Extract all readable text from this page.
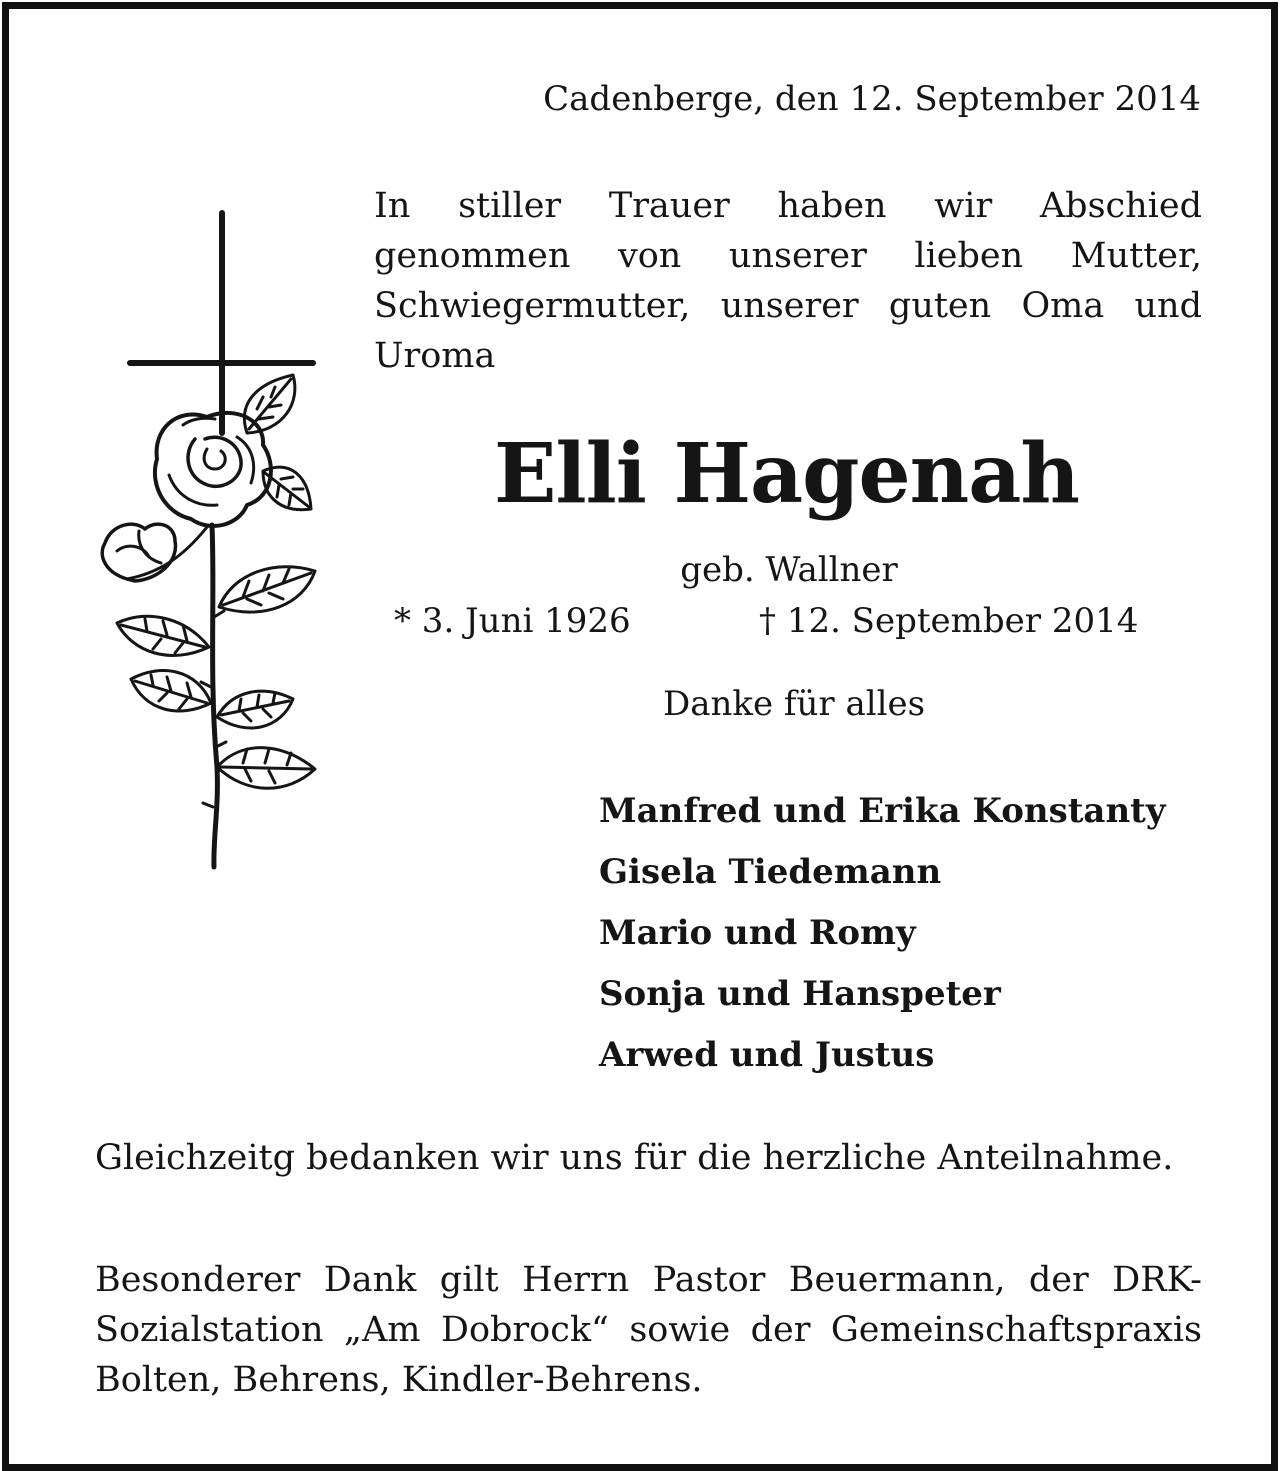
Cadenberge, den 12. September 2014

In stiller Trauer haben wir Abschied genommen von unserer lieben Mutter, Schwiegermutter, unserer guten Oma und Uroma

Elli Hagenah

geb. Wallner

* 3. Juni 1926	† 12. September 2014

Danke für alles

Manfred und Erika Konstanty
Gisela Tiedemann
Mario und Romy
Sonja und Hanspeter
Arwed und Justus

Gleichzeitg bedanken wir uns für die herzliche Anteilnahme.

Besonderer Dank gilt Herrn Pastor Beuermann, der DRK-Sozialstation „Am Dobrock“ sowie der Gemeinschaftspraxis Bolten, Behrens, Kindler-Behrens.
